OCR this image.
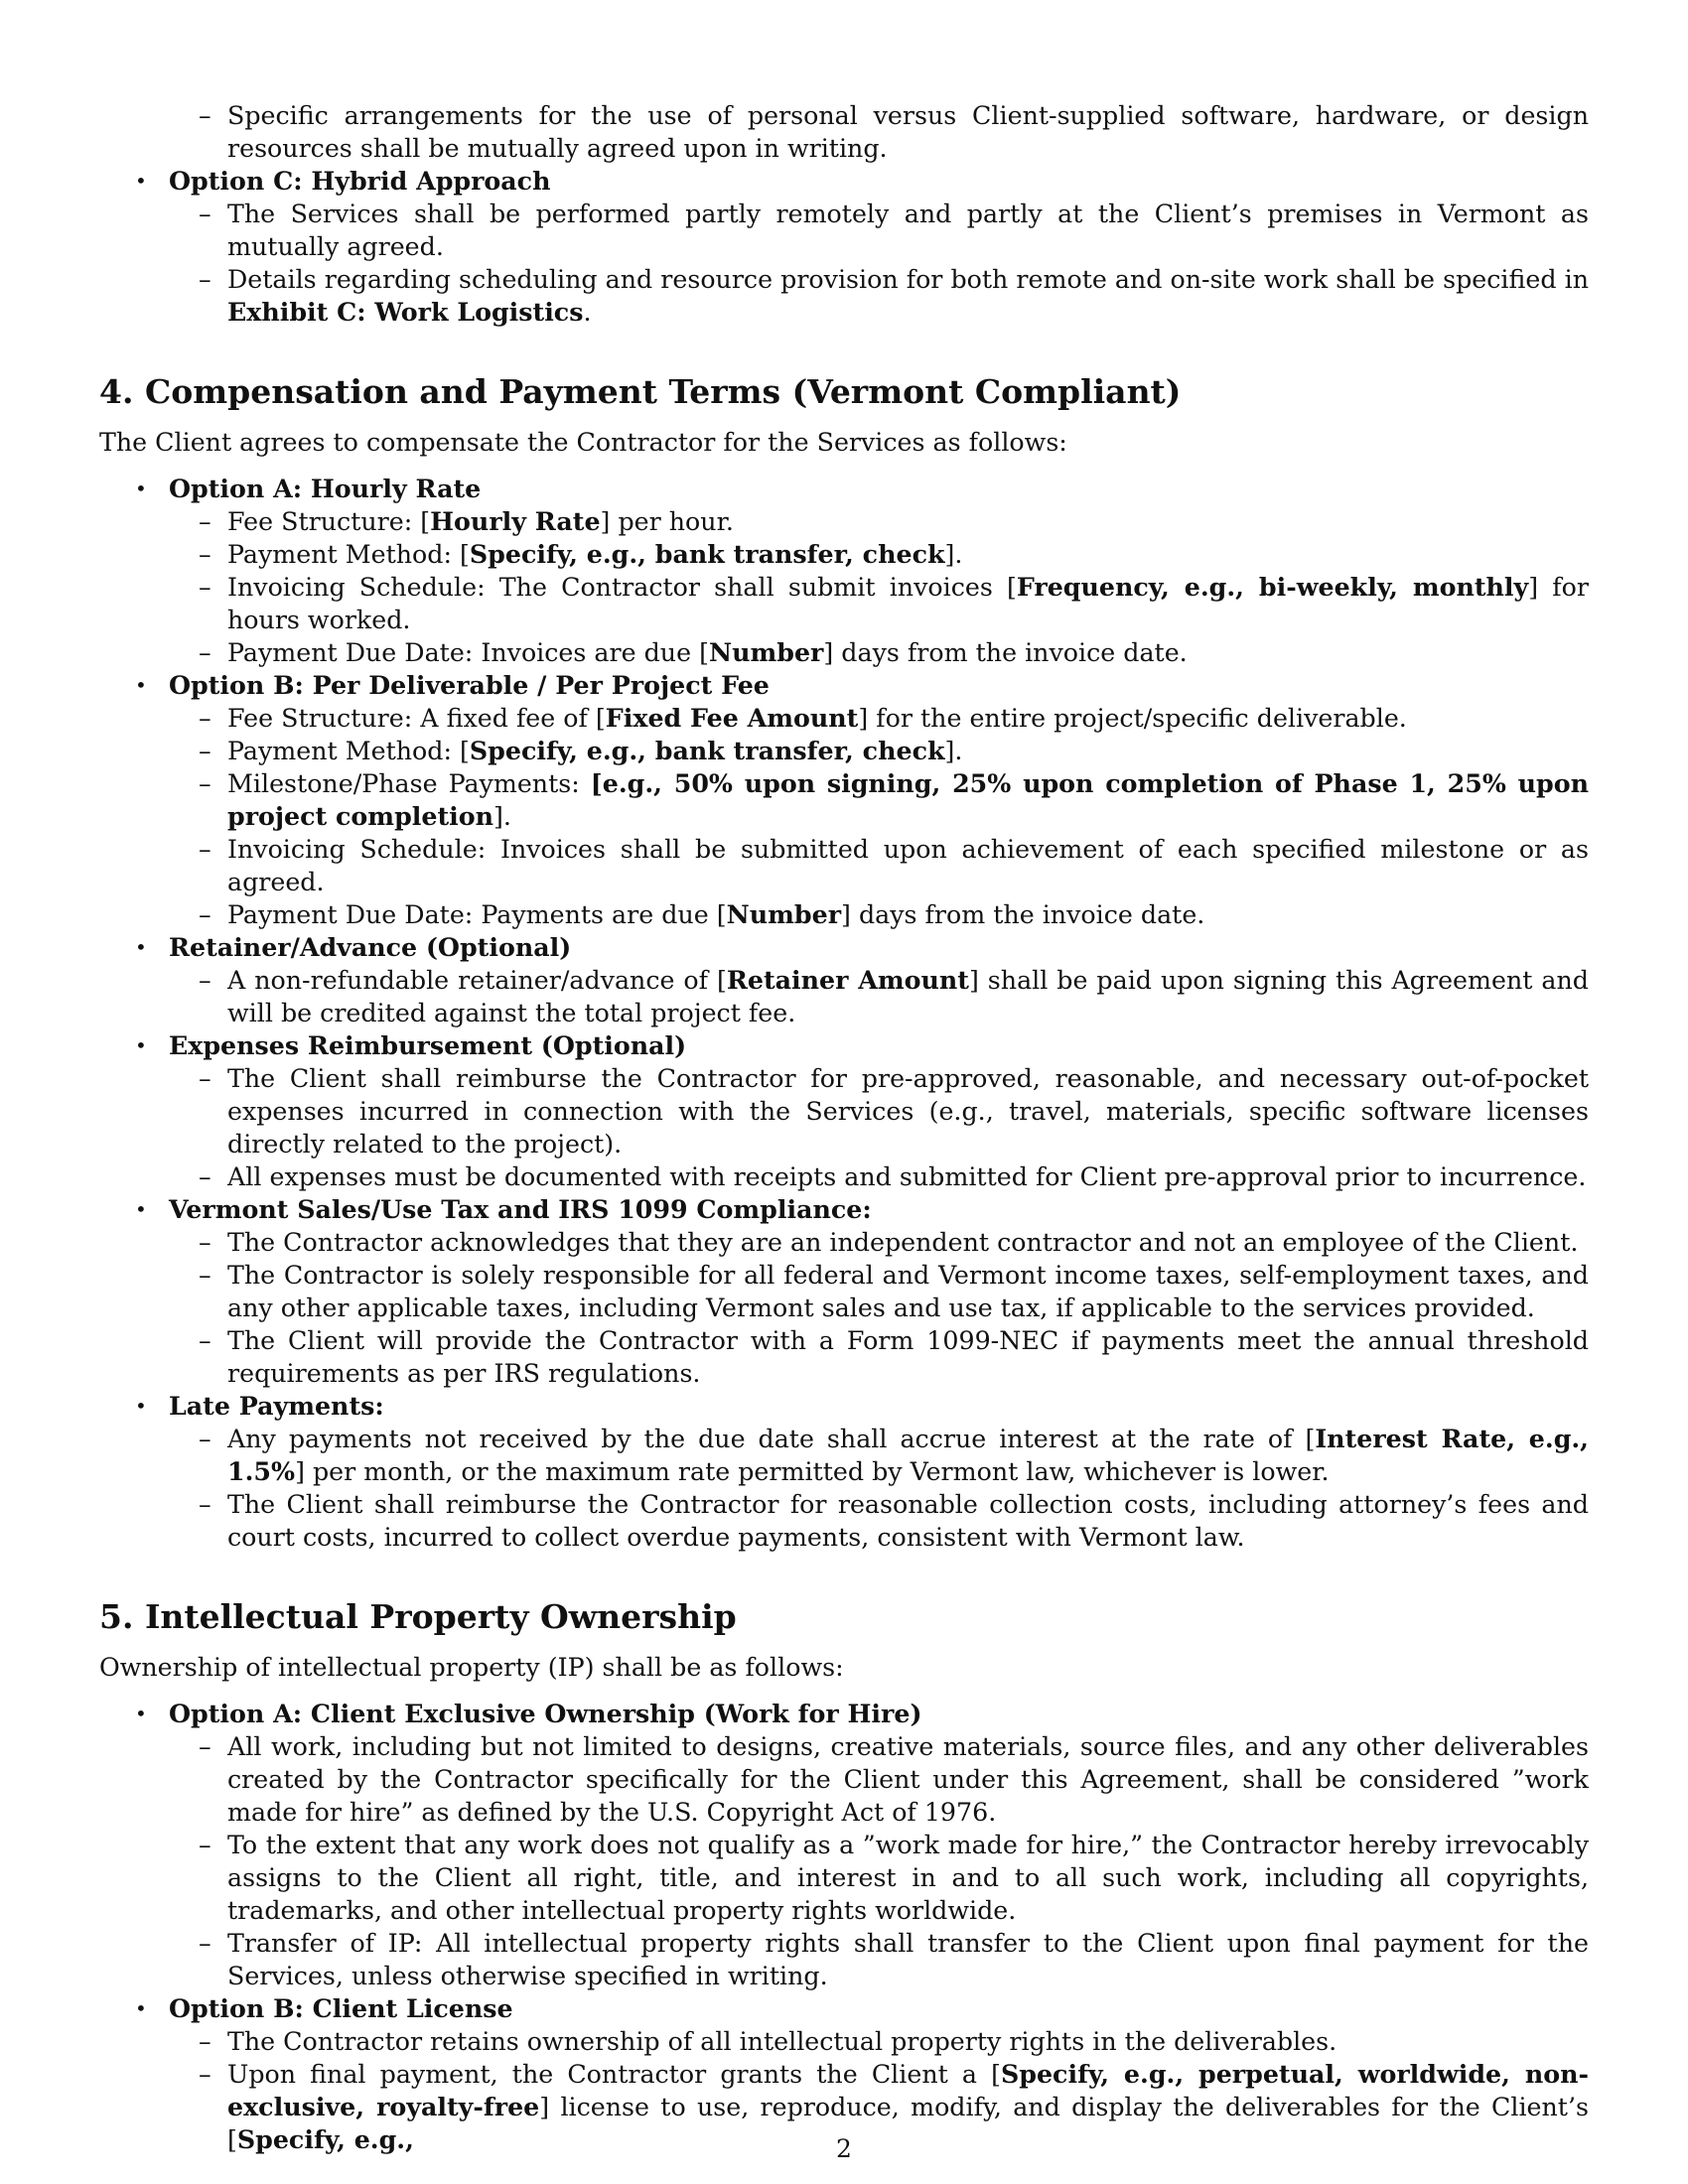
– Specific arrangements for the use of personal versus Client-supplied software, hardware, or design resources shall be mutually agreed upon in writing.
• Option C: Hybrid Approach
– The Services shall be performed partly remotely and partly at the Client’s premises in Vermont as mutually agreed.
– Details regarding scheduling and resource provision for both remote and on-site work shall be specified in Exhibit C: Work Logistics.
4. Compensation and Payment Terms (Vermont Compliant)

The Client agrees to compensate the Contractor for the Services as follows:

• Option A: Hourly Rate
– Fee Structure: [Hourly Rate] per hour.
– Payment Method: [Specify, e.g., bank transfer, check].
– Invoicing Schedule: The Contractor shall submit invoices [Frequency, e.g., bi-weekly, monthly] for hours worked.
– Payment Due Date: Invoices are due [Number] days from the invoice date.
• Option B: Per Deliverable / Per Project Fee
– Fee Structure: A fixed fee of [Fixed Fee Amount] for the entire project/specific deliverable.
– Payment Method: [Specify, e.g., bank transfer, check].
– Milestone/Phase Payments: [e.g., 50% upon signing, 25% upon completion of Phase 1, 25% upon project completion].
– Invoicing Schedule: Invoices shall be submitted upon achievement of each specified milestone or as agreed.
– Payment Due Date: Payments are due [Number] days from the invoice date.
• Retainer/Advance (Optional)
– A non-refundable retainer/advance of [Retainer Amount] shall be paid upon signing this Agreement and will be credited against the total project fee.
• Expenses Reimbursement (Optional)
– The Client shall reimburse the Contractor for pre-approved, reasonable, and necessary out-of-pocket expenses incurred in connection with the Services (e.g., travel, materials, specific software licenses directly related to the project).
– All expenses must be documented with receipts and submitted for Client pre-approval prior to incurrence.
• Vermont Sales/Use Tax and IRS 1099 Compliance:
– The Contractor acknowledges that they are an independent contractor and not an employee of the Client.
– The Contractor is solely responsible for all federal and Vermont income taxes, self-employment taxes, and any other applicable taxes, including Vermont sales and use tax, if applicable to the services provided.
– The Client will provide the Contractor with a Form 1099-NEC if payments meet the annual threshold requirements as per IRS regulations.
• Late Payments:
– Any payments not received by the due date shall accrue interest at the rate of [Interest Rate, e.g., 1.5%] per month, or the maximum rate permitted by Vermont law, whichever is lower.
– The Client shall reimburse the Contractor for reasonable collection costs, including attorney’s fees and court costs, incurred to collect overdue payments, consistent with Vermont law.
5. Intellectual Property Ownership

Ownership of intellectual property (IP) shall be as follows:

• Option A: Client Exclusive Ownership (Work for Hire)
– All work, including but not limited to designs, creative materials, source files, and any other deliverables created by the Contractor specifically for the Client under this Agreement, shall be considered ”work made for hire” as defined by the U.S. Copyright Act of 1976.
– To the extent that any work does not qualify as a ”work made for hire,” the Contractor hereby irrevocably assigns to the Client all right, title, and interest in and to all such work, including all copyrights, trademarks, and other intellectual property rights worldwide.
– Transfer of IP: All intellectual property rights shall transfer to the Client upon final payment for the Services, unless otherwise specified in writing.
• Option B: Client License
– The Contractor retains ownership of all intellectual property rights in the deliverables.
– Upon final payment, the Contractor grants the Client a [Specify, e.g., perpetual, worldwide, non-exclusive, royalty-free] license to use, reproduce, modify, and display the deliverables for the Client’s [Specify, e.g.,	2
